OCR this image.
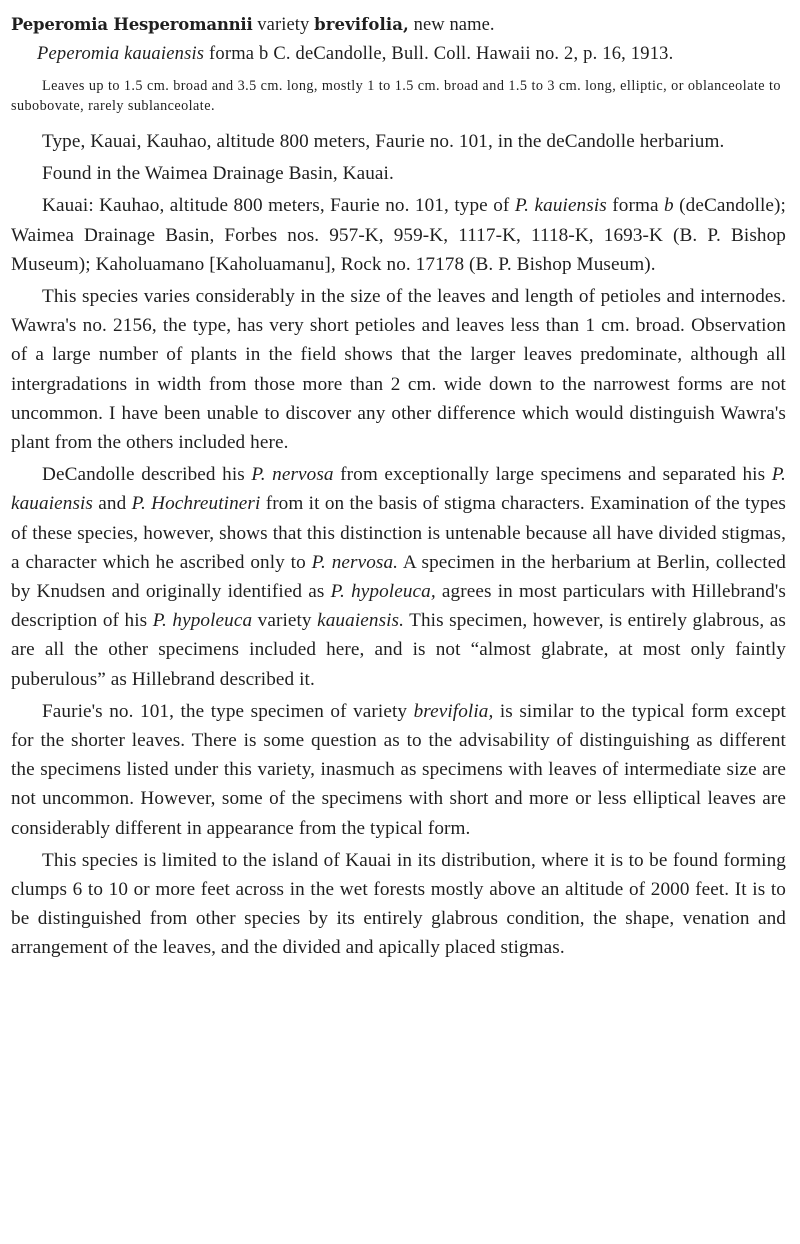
Peperomia Hesperomannii variety brevifolia, new name.

Peperomia kauaiensis forma b C. deCandolle, Bull. Coll. Hawaii no. 2, p. 16, 1913.

Leaves up to 1.5 cm. broad and 3.5 cm. long, mostly 1 to 1.5 cm. broad and 1.5 to 3 cm. long, elliptic, or oblanceolate to subobovate, rarely sublanceolate.

Type, Kauai, Kauhao, altitude 800 meters, Faurie no. 101, in the deCandolle herbarium.

Found in the Waimea Drainage Basin, Kauai.

Kauai: Kauhao, altitude 800 meters, Faurie no. 101, type of P. kauiensis forma b (deCandolle); Waimea Drainage Basin, Forbes nos. 957-K, 959-K, 1117-K, 1118-K, 1693-K (B. P. Bishop Museum); Kaholuamano [Kaholuamanu], Rock no. 17178 (B. P. Bishop Museum).

This species varies considerably in the size of the leaves and length of petioles and internodes. Wawra's no. 2156, the type, has very short petioles and leaves less than 1 cm. broad. Observation of a large number of plants in the field shows that the larger leaves predominate, although all intergradations in width from those more than 2 cm. wide down to the narrowest forms are not uncommon. I have been unable to discover any other difference which would distinguish Wawra's plant from the others included here.

DeCandolle described his P. nervosa from exceptionally large specimens and separated his P. kauaiensis and P. Hochreutineri from it on the basis of stigma characters. Examination of the types of these species, however, shows that this distinction is untenable because all have divided stigmas, a character which he ascribed only to P. nervosa. A specimen in the herbarium at Berlin, collected by Knudsen and originally identified as P. hypoleuca, agrees in most particulars with Hillebrand's description of his P. hypoleuca variety kauaiensis. This specimen, however, is entirely glabrous, as are all the other specimens included here, and is not “almost glabrate, at most only faintly puberulous” as Hillebrand described it.

Faurie's no. 101, the type specimen of variety brevifolia, is similar to the typical form except for the shorter leaves. There is some question as to the advisability of distinguishing as different the specimens listed under this variety, inasmuch as specimens with leaves of intermediate size are not uncommon. However, some of the specimens with short and more or less elliptical leaves are considerably different in appearance from the typical form.

This species is limited to the island of Kauai in its distribution, where it is to be found forming clumps 6 to 10 or more feet across in the wet forests mostly above an altitude of 2000 feet. It is to be distinguished from other species by its entirely glabrous condition, the shape, venation and arrangement of the leaves, and the divided and apically placed stigmas.
